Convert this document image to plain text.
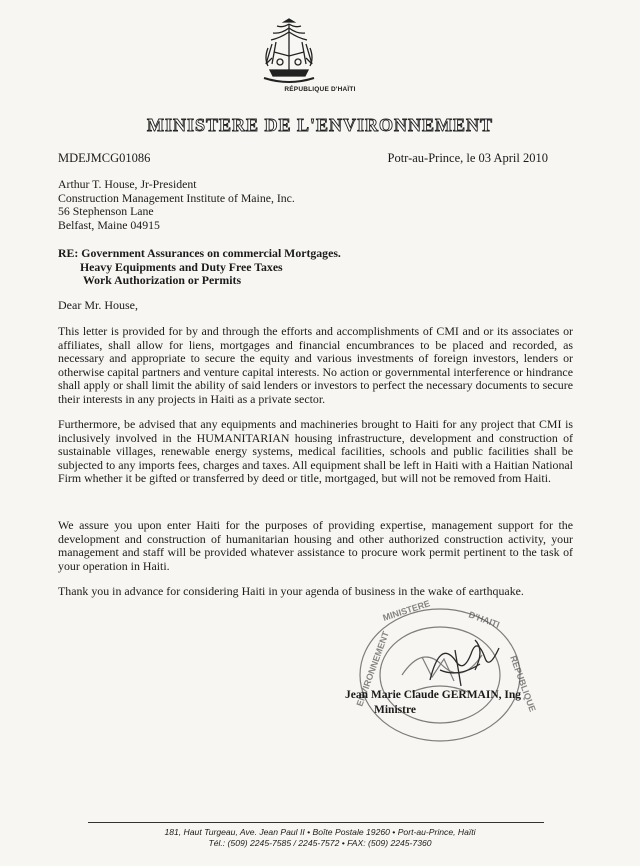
RÉPUBLIQUE D'HAÏTI
MINISTERE DE L'ENVIRONNEMENT
MDEJMCG01086	Potr-au-Prince, le 03 April 2010
Arthur T. House, Jr-President
Construction Management Institute of Maine, Inc.
56 Stephenson Lane
Belfast, Maine 04915
RE: Government Assurances on commercial Mortgages.
Heavy Equipments and Duty Free Taxes
Work Authorization or Permits
Dear Mr. House,
This letter is provided for by and through the efforts and accomplishments of CMI and or its associates or affiliates, shall allow for liens, mortgages and financial encumbrances to be placed and recorded, as necessary and appropriate to secure the equity and various investments of foreign investors, lenders or otherwise capital partners and venture capital interests. No action or governmental interference or hindrance shall apply or shall limit the ability of said lenders or investors to perfect the necessary documents to secure their interests in any projects in Haiti as a private sector.
Furthermore, be advised that any equipments and machineries brought to Haiti for any project that CMI is inclusively involved in the HUMANITARIAN housing infrastructure, development and construction of sustainable villages, renewable energy systems, medical facilities, schools and public facilities shall be subjected to any imports fees, charges and taxes. All equipment shall be left in Haiti with a Haitian National Firm whether it be gifted or transferred by deed or title, mortgaged, but will not be removed from Haiti.
We assure you upon enter Haiti for the purposes of providing expertise, management support for the development and construction of humanitarian housing and other authorized construction activity, your management and staff will be provided whatever assistance to procure work permit pertinent to the task of your operation in Haiti.
Thank you in advance for considering Haiti in your agenda of business in the wake of earthquake.
MINISTERE	D'HAITI
REPUBLIQUE
ENVIRONNEMENT
Jean Marie Claude GERMAIN, Ing
Ministre
181, Haut Turgeau, Ave. Jean Paul II • Boîte Postale 19260 • Port-au-Prince, Haïti
Tél.: (509) 2245-7585 / 2245-7572 • FAX: (509) 2245-7360
